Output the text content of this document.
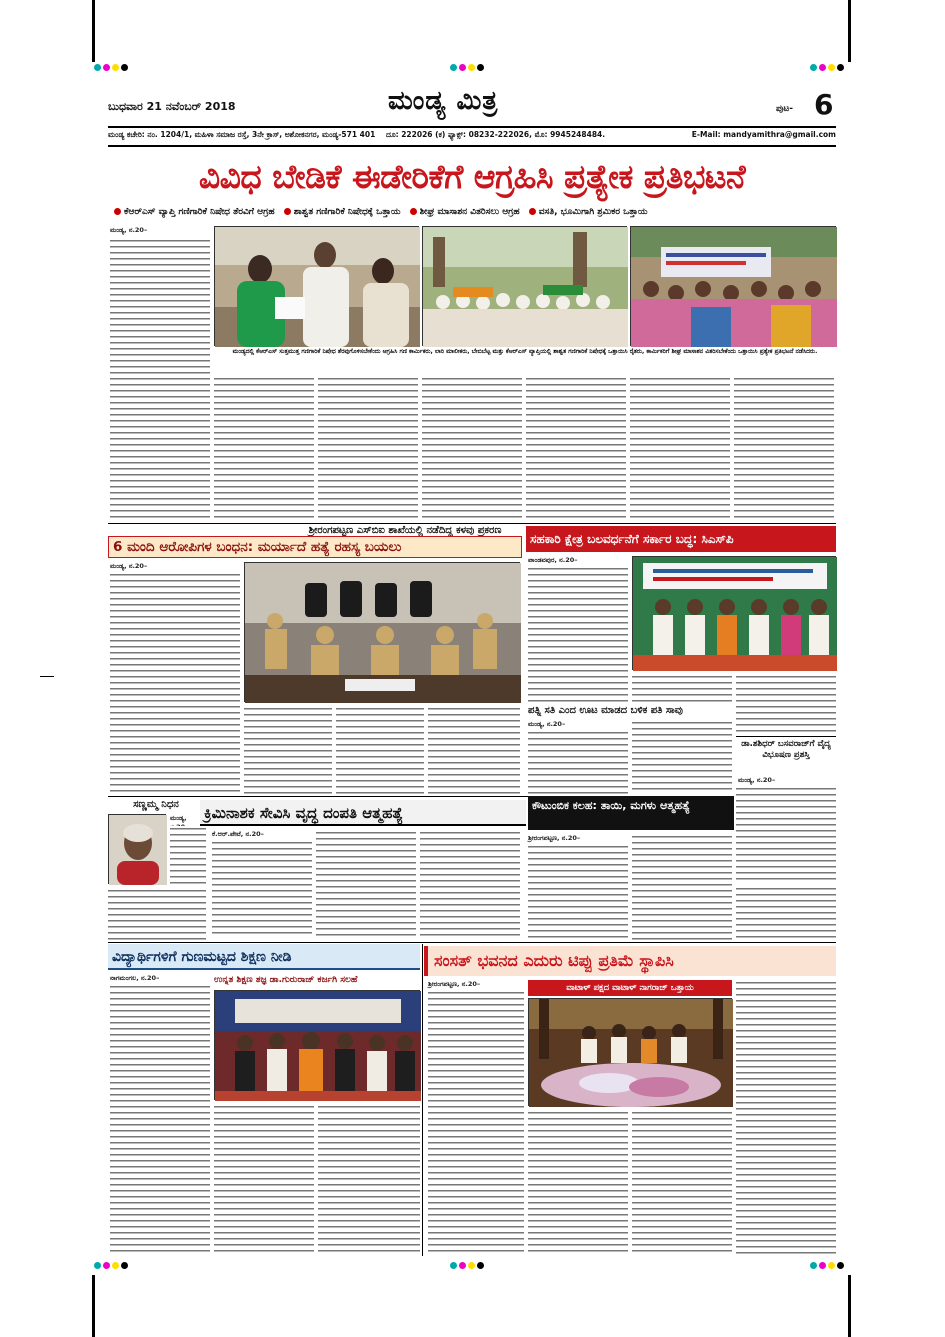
ಬುಧವಾರ 21 ನವೆಂಬರ್ 2018	ಮಂಡ್ಯ ಮಿತ್ರ	ಪುಟ- 6
ಮಂಡ್ಯ ಕಚೇರಿ: ನಂ. 1204/1, ಮಹಿಳಾ ಸಮಾಜ ರಸ್ತೆ, 3ನೇ ಕ್ರಾಸ್, ಅಶೋಕನಗರ, ಮಂಡ್ಯ-571 401 ದೂ: 222026 (ಕ) ಫ್ಯಾಕ್ಸ್: 08232-222026, ಮೊ: 9945248484.	E-Mail: mandyamithra@gmail.com
ವಿವಿಧ ಬೇಡಿಕೆ ಈಡೇರಿಕೆಗೆ ಆಗ್ರಹಿಸಿ ಪ್ರತ್ಯೇಕ ಪ್ರತಿಭಟನೆ
ಕೆಆರ್‌ಎಸ್ ವ್ಯಾಪ್ತಿ ಗಣಿಗಾರಿಕೆ ನಿಷೇಧ ತೆರವಿಗೆ ಆಗ್ರಹ ಶಾಶ್ವತ ಗಣಿಗಾರಿಕೆ ನಿಷೇಧಕ್ಕೆ ಒತ್ತಾಯ ಶೀಘ್ರ ಮಾಸಾಶನ ವಿತರಿಸಲು ಆಗ್ರಹ ವಸತಿ, ಭೂಮಿಗಾಗಿ ಶ್ರಮಿಕರ ಒತ್ತಾಯ
ಮಂಡ್ಯ, ನ.20–
ಮಂಡ್ಯದಲ್ಲಿ ಕೆಆರ್‌ಎಸ್ ಸುತ್ತಮುತ್ತ ಗಣಿಗಾರಿಕೆ ನಿಷೇಧ ತೆರವುಗೊಳಿಸಬೇಕೆಂದು ಆಗ್ರಹಿಸಿ ಗಣಿ ಕಾರ್ಮಿಕರು, ಲಾರಿ ಮಾಲೀಕರು, ಬೇಬಿಬೆಟ್ಟ ಮತ್ತು ಕೆಆರ್‌ಎಸ್ ವ್ಯಾಪ್ತಿಯಲ್ಲಿ ಶಾಶ್ವತ ಗಣಿಗಾರಿಕೆ ನಿಷೇಧಕ್ಕೆ ಒತ್ತಾಯಿಸಿ ರೈತರು, ಕಾರ್ಮಿಕರಿಗೆ ಶೀಘ್ರ ಮಾಸಾಶನ ವಿತರಿಸಬೇಕೆಂದು ಒತ್ತಾಯಿಸಿ ಪ್ರತ್ಯೇಕ ಪ್ರತಿಭಟನೆ ನಡೆಸಿದರು.
ಶ್ರೀರಂಗಪಟ್ಟಣ ಎಸ್‌ಬಿಐ ಶಾಖೆಯಲ್ಲಿ ನಡೆದಿದ್ದ ಕಳವು ಪ್ರಕರಣ
6 ಮಂದಿ ಆರೋಪಿಗಳ ಬಂಧನ: ಮರ್ಯಾದೆ ಹತ್ಯೆ ರಹಸ್ಯ ಬಯಲು
ಮಂಡ್ಯ, ನ.20–
ಸಹಕಾರಿ ಕ್ಷೇತ್ರ ಬಲವರ್ಧನೆಗೆ ಸರ್ಕಾರ ಬದ್ಧ: ಸಿಎಸ್‌ಪಿ
ಪಾಂಡವಪುರ, ನ.20–
ಪತ್ನಿ ಸತಿ ಎಂದ ಊಟ ಮಾಡದ ಬಳಿಕ ಪತಿ ಸಾವು
ಮಂಡ್ಯ, ನ.20–
ಡಾ.ಶಶಿಧರ್ ಬಸವರಾಜ್‌ಗೆ ವೈದ್ಯ ವಿಭೂಷಣ ಪ್ರಶಸ್ತಿ
ಮಂಡ್ಯ, ನ.20–
ಸಣ್ಣಮ್ಮ ನಿಧನ
ಮಂಡ್ಯ,	ಕ್ರಿಮಿನಾಶಕ ಸೇವಿಸಿ ವೃದ್ಧ ದಂಪತಿ ಆತ್ಮಹತ್ಯೆ
ಕೆ.ಆರ್.ಪೇಟೆ, ನ.20–
ಕೌಟುಂಬಿಕ ಕಲಹ: ತಾಯಿ, ಮಗಳು ಆತ್ಮಹತ್ಯೆ
ಶ್ರೀರಂಗಪಟ್ಟಣ, ನ.20–
ವಿದ್ಯಾರ್ಥಿಗಳಿಗೆ ಗುಣಮಟ್ಟದ ಶಿಕ್ಷಣ ನೀಡಿ
ನಾಗಮಂಗಲ, ನ.20–	ಉನ್ನತ ಶಿಕ್ಷಣ ತಜ್ಞ ಡಾ.ಗುರುರಾಜ್ ಕರ್ಜಗಿ ಸಲಹೆ
ಸಂಸತ್ ಭವನದ ಎದುರು ಟಿಪ್ಪು ಪ್ರತಿಮೆ ಸ್ಥಾಪಿಸಿ
ಶ್ರೀರಂಗಪಟ್ಟಣ, ನ.20–	ವಾಟಾಳ್ ಪಕ್ಷದ ವಾಟಾಳ್ ನಾಗರಾಜ್ ಒತ್ತಾಯ
